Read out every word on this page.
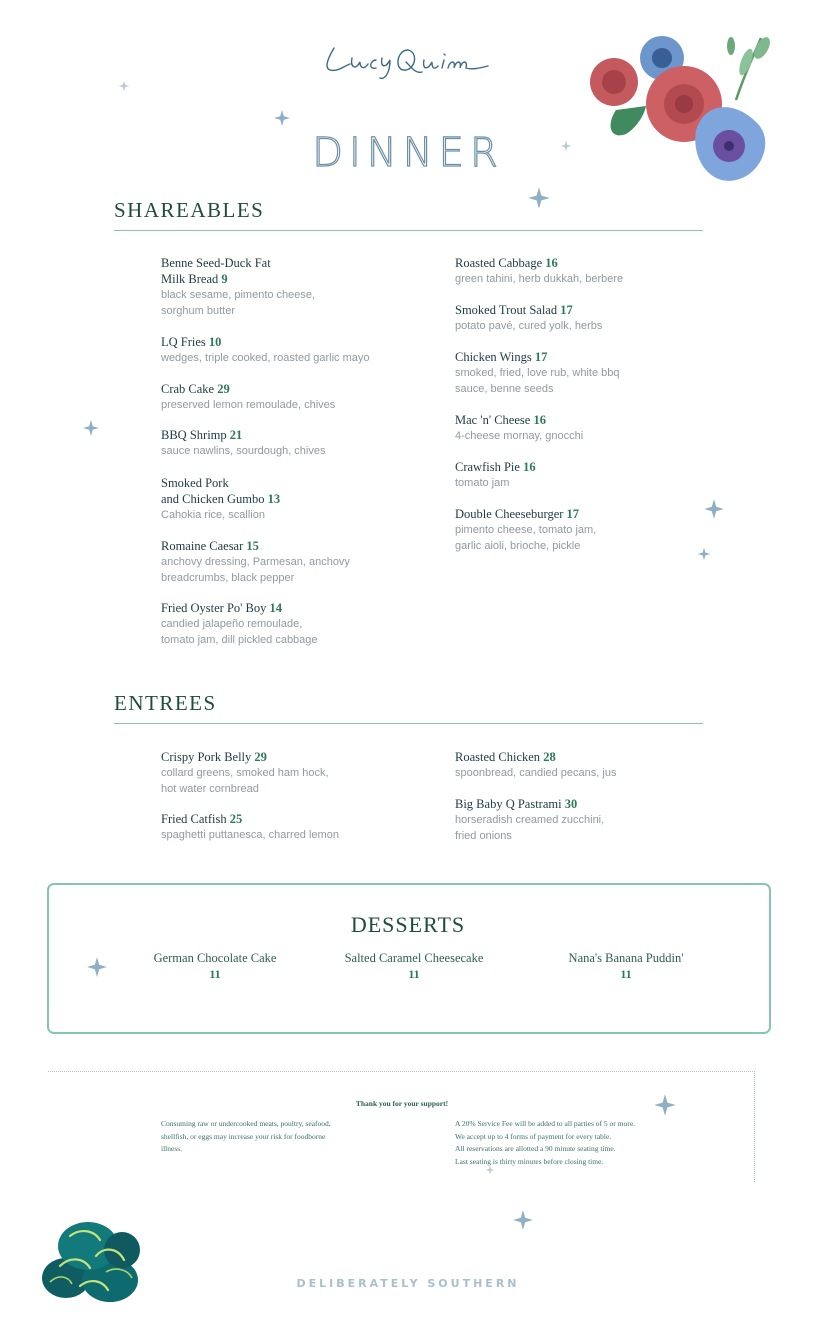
DINNER
SHAREABLES
Benne Seed-Duck Fat
Milk Bread 9
black sesame, pimento cheese,
sorghum butter
LQ Fries 10
wedges, triple cooked, roasted garlic mayo
Crab Cake 29
preserved lemon remoulade, chives
BBQ Shrimp 21
sauce nawlins, sourdough, chives
Smoked Pork
and Chicken Gumbo 13
Cahokia rice, scallion
Romaine Caesar 15
anchovy dressing, Parmesan, anchovy
breadcrumbs, black pepper
Fried Oyster Po' Boy 14
candied jalapeño remoulade,
tomato jam, dill pickled cabbage
Roasted Cabbage 16
green tahini, herb dukkah, berbere
Smoked Trout Salad 17
potato pavé, cured yolk, herbs
Chicken Wings 17
smoked, fried, love rub, white bbq
sauce, benne seeds
Mac 'n' Cheese 16
4-cheese mornay, gnocchi
Crawfish Pie 16
tomato jam
Double Cheeseburger 17
pimento cheese, tomato jam,
garlic aioli, brioche, pickle
ENTREES
Crispy Pork Belly 29
collard greens, smoked ham hock,
hot water cornbread
Fried Catfish 25
spaghetti puttanesca, charred lemon
Roasted Chicken 28
spoonbread, candied pecans, jus
Big Baby Q Pastrami 30
horseradish creamed zucchini,
fried onions
DESSERTS
German Chocolate Cake
11
Salted Caramel Cheesecake
11
Nana's Banana Puddin'
11
Thank you for your support!
Consuming raw or undercooked meats, poultry, seafood,
shellfish, or eggs may increase your risk for foodborne
illness.
A 20% Service Fee will be added to all parties of 5 or more.
We accept up to 4 forms of payment for every table.
All reservations are allotted a 90 minute seating time.
Last seating is thirty minutes before closing time.
DELIBERATELY SOUTHERN
